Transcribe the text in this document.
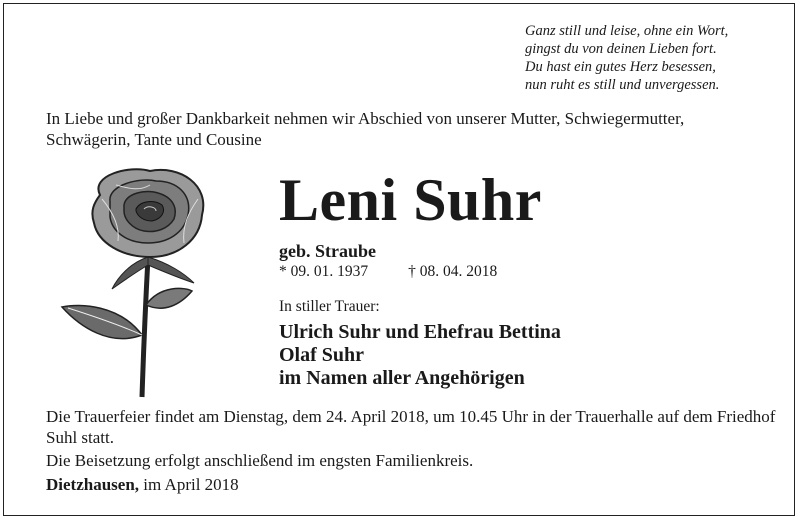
Ganz still und leise, ohne ein Wort,
gingst du von deinen Lieben fort.
Du hast ein gutes Herz besessen,
nun ruht es still und unvergessen.
In Liebe und großer Dankbarkeit nehmen wir Abschied von unserer Mutter, Schwiegermutter, Schwägerin, Tante und Cousine
Leni Suhr
geb. Straube
* 09. 01. 1937	† 08. 04. 2018
In stiller Trauer:
Ulrich Suhr und Ehefrau Bettina
Olaf Suhr
im Namen aller Angehörigen
Die Trauerfeier findet am Dienstag, dem 24. April 2018, um 10.45 Uhr in der Trauerhalle auf dem Friedhof Suhl statt.
Die Beisetzung erfolgt anschließend im engsten Familienkreis.
Dietzhausen, im April 2018
